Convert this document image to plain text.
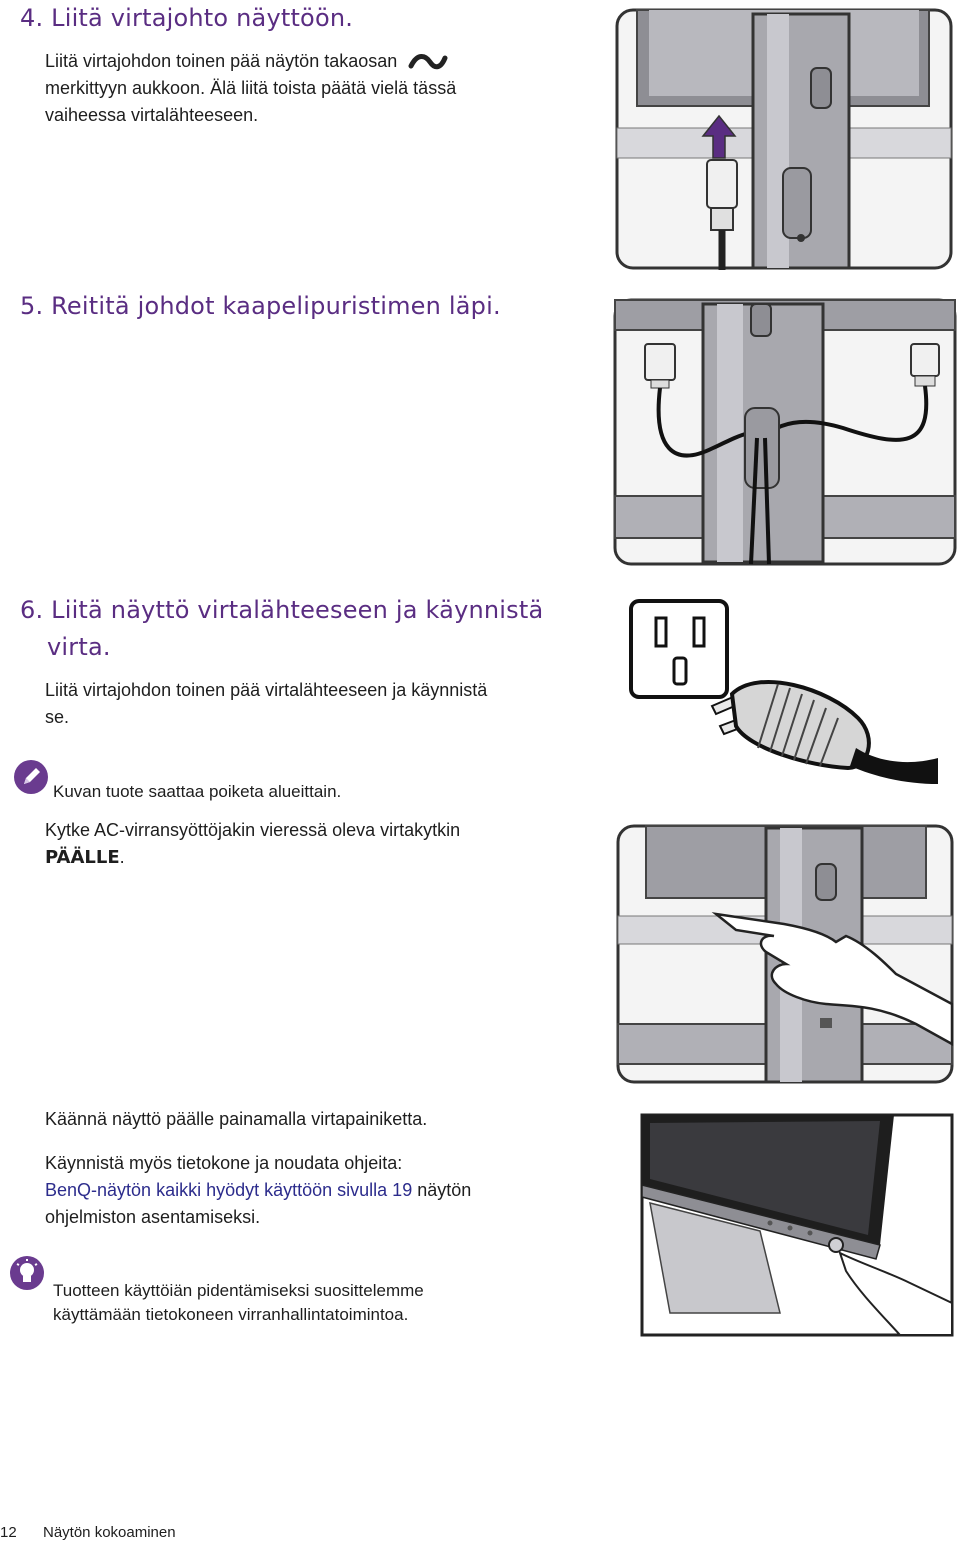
4. Liitä virtajohto näyttöön.
Liitä virtajohdon toinen pää näytön takaosan
merkittyyn aukkoon. Älä liitä toista päätä vielä tässä
vaiheessa virtalähteeseen.
5. Reititä johdot kaapelipuristimen läpi.
6. Liitä näyttö virtalähteeseen ja käynnistä
virta.
Liitä virtajohdon toinen pää virtalähteeseen ja käynnistä
se.
Kuvan tuote saattaa poiketa alueittain.
Kytke AC-virransyöttöjakin vieressä oleva virtakytkin
PÄÄLLE.
Käännä näyttö päälle painamalla virtapainiketta.
Käynnistä myös tietokone ja noudata ohjeita:
BenQ-näytön kaikki hyödyt käyttöön sivulla 19 näytön
ohjelmiston asentamiseksi.
Tuotteen käyttöiän pidentämiseksi suosittelemme
käyttämään tietokoneen virranhallintatoimintoa.
12 Näytön kokoaminen
